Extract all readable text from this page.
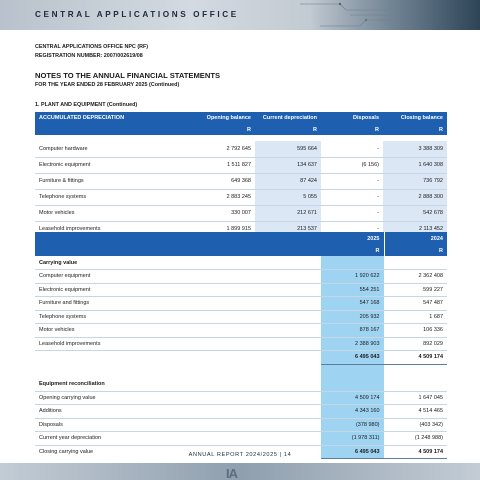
CENTRAL APPLICATIONS OFFICE
CENTRAL APPLICATIONS OFFICE NPC (RF)
REGISTRATION NUMBER: 2007/002619/08
NOTES TO THE ANNUAL FINANCIAL STATEMENTS
FOR THE YEAR ENDED 28 FEBRUARY 2025 (Continued)
1. PLANT AND EQUIPMENT (Continued)
ACCUMULATED DEPRECIATION	Opening balance	Current depreciation	Disposals	Closing balance
	R	R	R	R

Computer hardware	2 792 645	595 664	-	3 388 309
Electronic equipment	1 511 827	134 637	(6 156)	1 640 308
Furniture & fittings	649 368	87 424	-	736 792
Telephone systems	2 883 245	5 055	-	2 888 300
Motor vehicles	330 007	212 671	-	542 678
Leasehold improvements	1 899 915	213 537	-	2 113 452

	2025	2024
	R	R
Carrying value		
Computer equipment	1 920 622	2 362 408
Electronic equipment	554 251	599 227
Furniture and fittings	547 168	547 487
Telephone systems	205 932	1 687
Motor vehicles	878 167	106 336
Leasehold improvements	2 388 903	892 029
	6 495 043	4 509 174

Equipment reconciliation		
Opening carrying value	4 509 174	1 647 045
Additions	4 343 160	4 514 465
Disposals	(378 980)	(403 342)
Current year depreciation	(1 978 311)	(1 248 988)
Closing carrying value	6 495 043	4 509 174
ANNUAL REPORT 2024/2025 | 14
IA
